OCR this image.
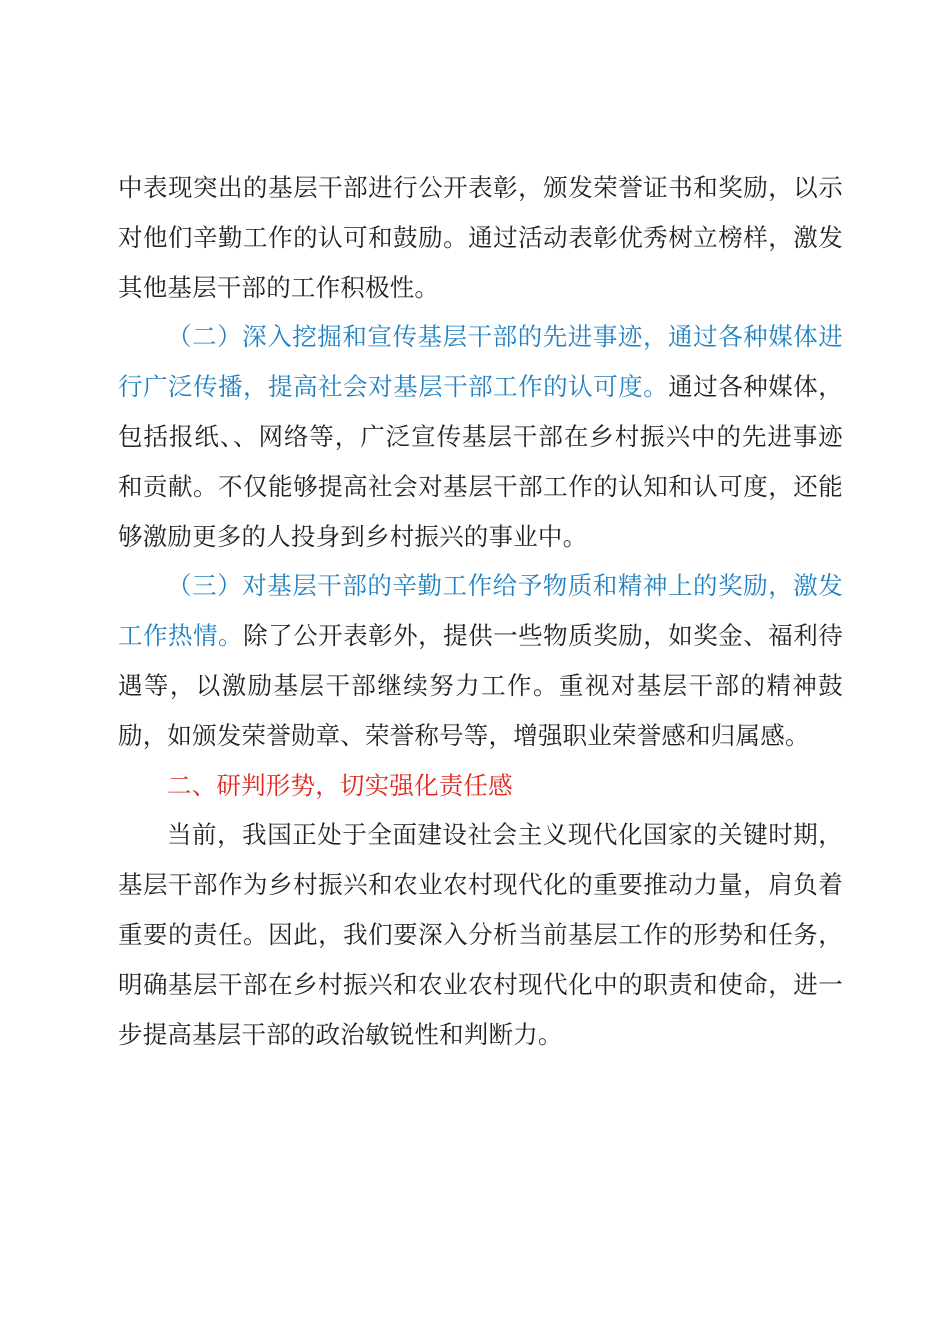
中表现突出的基层干部进行公开表彰，颁发荣誉证书和奖励，以示对他们辛勤工作的认可和鼓励。通过活动表彰优秀树立榜样，激发其他基层干部的工作积极性。

（二）深入挖掘和宣传基层干部的先进事迹，通过各种媒体进行广泛传播，提高社会对基层干部工作的认可度。通过各种媒体，包括报纸、、网络等，广泛宣传基层干部在乡村振兴中的先进事迹和贡献。不仅能够提高社会对基层干部工作的认知和认可度，还能够激励更多的人投身到乡村振兴的事业中。

（三）对基层干部的辛勤工作给予物质和精神上的奖励，激发工作热情。除了公开表彰外，提供一些物质奖励，如奖金、福利待遇等，以激励基层干部继续努力工作。重视对基层干部的精神鼓励，如颁发荣誉勋章、荣誉称号等，增强职业荣誉感和归属感。

二、研判形势，切实强化责任感

当前，我国正处于全面建设社会主义现代化国家的关键时期，基层干部作为乡村振兴和农业农村现代化的重要推动力量，肩负着重要的责任。因此，我们要深入分析当前基层工作的形势和任务，明确基层干部在乡村振兴和农业农村现代化中的职责和使命，进一步提高基层干部的政治敏锐性和判断力。
